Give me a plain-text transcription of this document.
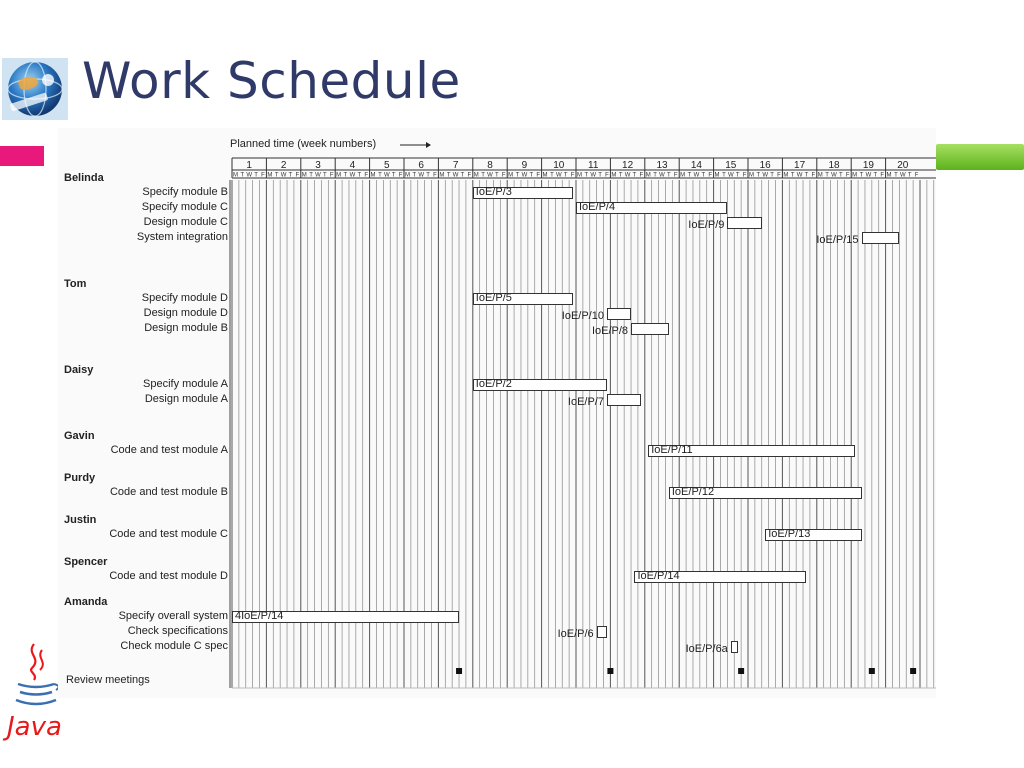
Work Schedule
Java
1
M T W T F
2
M T W T F
3
M T W T F
4
M T W T F
5
M T W T F
6
M T W T F
7
M T W T F
8
M T W T F
9
M T W T F
10
M T W T F
11
M T W T F
12
M T W T F
13
M T W T F
14
M T W T F
15
M T W T F
16
M T W T F
17
M T W T F
18
M T W T F
19
M T W T F
20
M T W T F
Planned time (week numbers)
Belinda
Specify module B	IoE/P/3
Specify module C	IoE/P/4
Design module C	IoE/P/9
System integration	IoE/P/15
Tom
Specify module D	IoE/P/5
Design module D	IoE/P/10
Design module B	IoE/P/8
Daisy
Specify module A	IoE/P/2
Design module A	IoE/P/7
Gavin
Code and test module A	IoE/P/11
Purdy
Code and test module B	IoE/P/12
Justin
Code and test module C	IoE/P/13
Spencer
Code and test module D	IoE/P/14
Amanda
Specify overall system 4IoE/P/14
Check specifications	IoE/P/6
Check module C spec	IoE/P/6a
Review meetings
